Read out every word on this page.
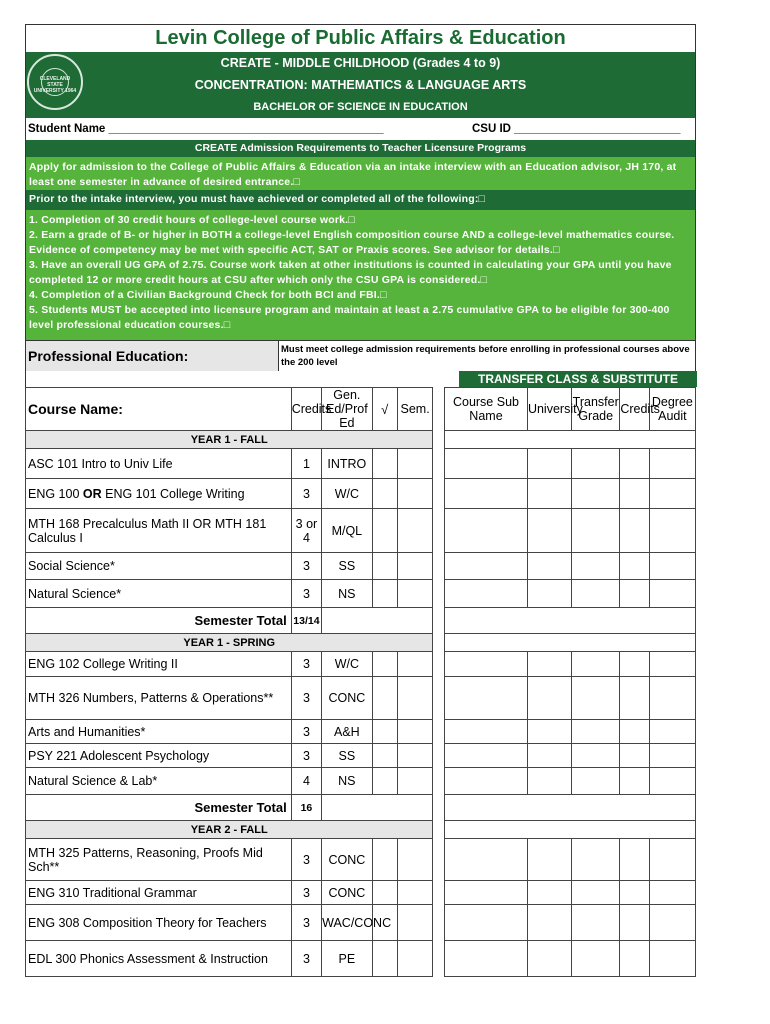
CLEVELAND STATE UNIVERSITY 1964
Levin College of Public Affairs & Education
CREATE - MIDDLE CHILDHOOD (Grades 4 to 9)
CONCENTRATION: MATHEMATICS & LANGUAGE ARTS
BACHELOR OF SCIENCE IN EDUCATION
Student Name ___________________________________________	CSU ID __________________________
CREATE Admission Requirements to Teacher Licensure Programs
Apply for admission to the College of Public Affairs & Education via an intake interview with an Education advisor, JH 170, at least one semester in advance of desired entrance.□
Prior to the intake interview, you must have achieved or completed all of the following:□
1. Completion of 30 credit hours of college-level course work.□
2. Earn a grade of B- or higher in BOTH a college-level English composition course AND a college-level mathematics course. Evidence of competency may be met with specific ACT, SAT or Praxis scores. See advisor for details.□
3. Have an overall UG GPA of 2.75. Course work taken at other institutions is counted in calculating your GPA until you have completed 12 or more credit hours at CSU after which only the CSU GPA is considered.□
4. Completion of a Civilian Background Check for both BCI and FBI.□
5. Students MUST be accepted into licensure program and maintain at least a 2.75 cumulative GPA to be eligible for 300-400 level professional education courses.□
Professional Education:	Must meet college admission requirements before enrolling in professional courses above the 200 level
TRANSFER CLASS & SUBSTITUTE
Course Name:	Credits	Gen. Ed/Prof Ed	√	Sem.		Course Sub Name	University	Transfer Grade	Credits	Degree Audit
YEAR 1 - FALL										
ASC 101 Intro to Univ Life	1	INTRO								
ENG 100 OR ENG 101 College Writing	3	W/C								
MTH 168 Precalculus Math II OR MTH 181 Calculus I	3 or 4	M/QL								
Social Science*	3	SS								
Natural Science*	3	NS								
Semester Total	13/14									
YEAR 1 - SPRING										
ENG 102 College Writing II	3	W/C								
MTH 326 Numbers, Patterns & Operations**	3	CONC								
Arts and Humanities*	3	A&H								
PSY 221 Adolescent Psychology	3	SS								
Natural Science & Lab*	4	NS								
Semester Total	16									
YEAR 2 - FALL										
MTH 325 Patterns, Reasoning, Proofs Mid Sch**	3	CONC								
ENG 310 Traditional Grammar	3	CONC								
ENG 308 Composition Theory for Teachers	3	WAC/CONC								
EDL 300 Phonics Assessment & Instruction	3	PE								
